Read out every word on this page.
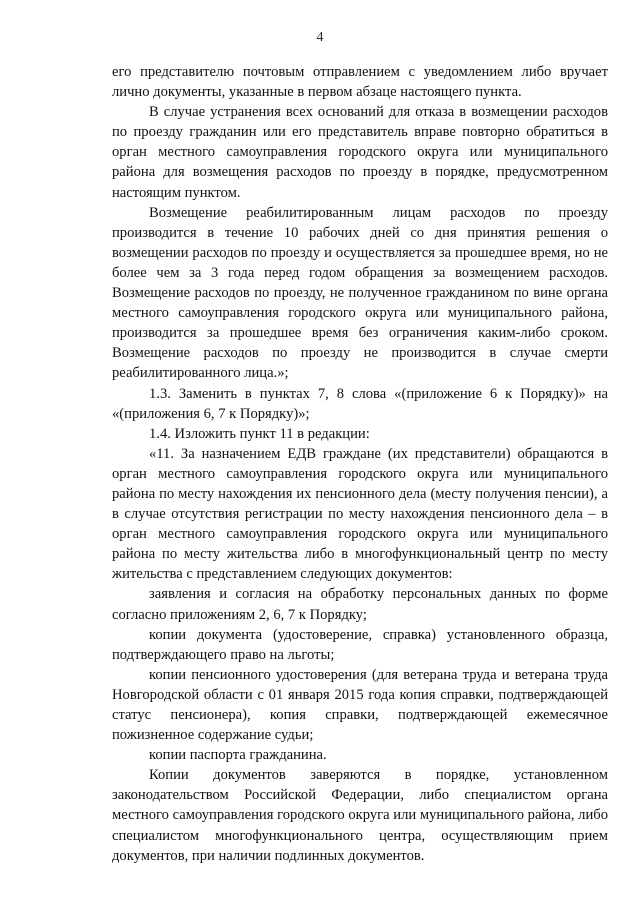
4

его представителю почтовым отправлением с уведомлением либо вручает лично документы, указанные в первом абзаце настоящего пункта.

В случае устранения всех оснований для отказа в возмещении расходов по проезду гражданин или его представитель вправе повторно обратиться в орган местного самоуправления городского округа или муниципального района для возмещения расходов по проезду в порядке, предусмотренном настоящим пунктом.

Возмещение реабилитированным лицам расходов по проезду производится в течение 10 рабочих дней со дня принятия решения о возмещении расходов по проезду и осуществляется за прошедшее время, но не более чем за 3 года перед годом обращения за возмещением расходов. Возмещение расходов по проезду, не полученное гражданином по вине органа местного самоуправления городского округа или муниципального района, производится за прошедшее время без ограничения каким-либо сроком. Возмещение расходов по проезду не производится в случае смерти реабилитированного лица.»;

1.3. Заменить в пунктах 7, 8 слова «(приложение 6 к Порядку)» на «(приложения 6, 7 к Порядку)»;

1.4. Изложить пункт 11 в редакции:

«11. За назначением ЕДВ граждане (их представители) обращаются в орган местного самоуправления городского округа или муниципального района по месту нахождения их пенсионного дела (месту получения пенсии), а в случае отсутствия регистрации по месту нахождения пенсионного дела – в орган местного самоуправления городского округа или муниципального района по месту жительства либо в многофункциональный центр по месту жительства с представлением следующих документов:

заявления и согласия на обработку персональных данных по форме согласно приложениям 2, 6, 7 к Порядку;

копии документа (удостоверение, справка) установленного образца, подтверждающего право на льготы;

копии пенсионного удостоверения (для ветерана труда и ветерана труда Новгородской области с 01 января 2015 года копия справки, подтверждающей статус пенсионера), копия справки, подтверждающей ежемесячное пожизненное содержание судьи;

копии паспорта гражданина.

Копии документов заверяются в порядке, установленном законодательством Российской Федерации, либо специалистом органа местного самоуправления городского округа или муниципального района, либо специалистом многофункционального центра, осуществляющим прием документов, при наличии подлинных документов.
